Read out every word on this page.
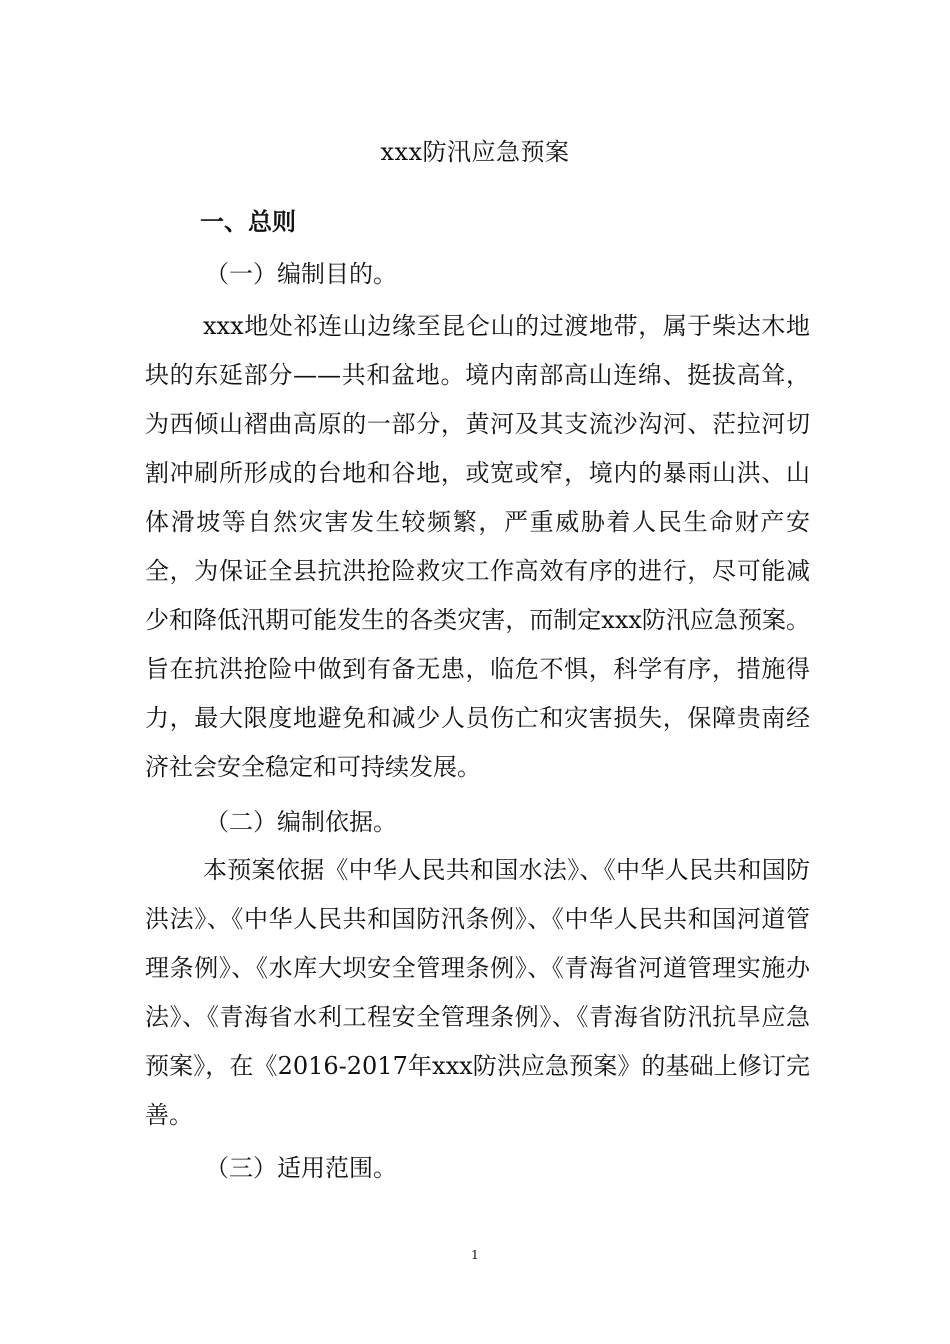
xxx防汛应急预案
一、总则
（一）编制目的。

xxx地处祁连山边缘至昆仑山的过渡地带，属于柴达木地块的东延部分——共和盆地。境内南部高山连绵、挺拔高耸，为西倾山褶曲高原的一部分，黄河及其支流沙沟河、茫拉河切割冲刷所形成的台地和谷地，或宽或窄，境内的暴雨山洪、山体滑坡等自然灾害发生较频繁，严重威胁着人民生命财产安全，为保证全县抗洪抢险救灾工作高效有序的进行，尽可能减少和降低汛期可能发生的各类灾害，而制定xxx防汛应急预案。旨在抗洪抢险中做到有备无患，临危不惧，科学有序，措施得力，最大限度地避免和减少人员伤亡和灾害损失，保障贵南经济社会安全稳定和可持续发展。

（二）编制依据。

本预案依据《中华人民共和国水法》、《中华人民共和国防洪法》、《中华人民共和国防汛条例》、《中华人民共和国河道管理条例》、《水库大坝安全管理条例》、《青海省河道管理实施办法》、《青海省水利工程安全管理条例》、《青海省防汛抗旱应急预案》，在《2016-2017年xxx防洪应急预案》的基础上修订完善。

（三）适用范围。
1
